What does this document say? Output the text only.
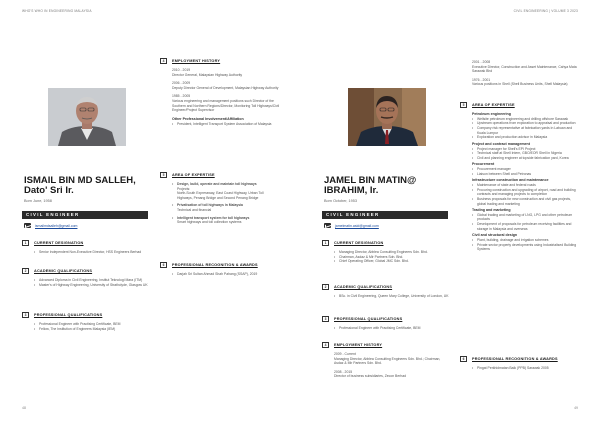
WHO'S WHO IN ENGINEERING MALAYSIA
ISMAIL BIN MD SALLEH,
Dato' Sri Ir.
Born June, 1958
CIVIL ENGINEER
ismailmdsalleh@gmail.com
1	CURRENT DESIGNATION
• Senior Independent Non-Executive Director, HSS Engineers Berhad
2	ACADEMIC QUALIFICATIONS
• Advanced Diploma in Civil Engineering, Institut Teknologi Mara (ITM)
• Master's of Highway Engineering, University of Strathclyde, Glasgow UK
3	PROFESSIONAL QUALIFICATIONS
• Professional Engineer with Practising Certificate, BEM
• Fellow, The Institution of Engineers Malaysia (IEM)
4	EMPLOYMENT HISTORY
2010 - 2019
Director General, Malaysian Highway Authority
2006 - 2009
Deputy Director General of Development, Malaysian Highway Authority
1985 - 2005
Various engineering and management positions such Director of the Southern and Northern Regions/Director, Monitoring Toll Highways/Civil Engineer/Project Supervisor
Other Professional Involvement/Affiliation
• President, Intelligent Transport System Association of Malaysia
5	AREA OF EXPERTISE
• Design, build, operate and maintain toll highways
Projects:
North-South Expressway, East Coast Highway, Urban Toll Highways, Penang Bridge and Second Penang Bridge
• Privatisation of toll highways in Malaysia
Technical and financial
• Intelligent transport system for toll highways
Smart highways and toll collection systems
6	PROFESSIONAL RECOGNITION & AWARDS
• Darjah Sri Sultan Ahmad Shah Pahang (SSAP), 2019
48
CIVIL ENGINEERING | VOLUME 3 2023
JAMEL BIN MATIN@
IBRAHIM, Ir.
Born October, 1953
CIVIL ENGINEER
jamelmatin.asid@gmail.com
1	CURRENT DESIGNATION
• Managing Director, Abblea Consulting Engineers Sdn. Bhd.
• Chairman, Asdaz & Mir Partners Sdn. Bhd.
• Chief Operating Officer, Global JMC Sdn. Bhd.
2	ACADEMIC QUALIFICATIONS
• BSc. in Civil Engineering, Queen Mary College, University of London, UK
3	PROFESSIONAL QUALIFICATIONS
• Professional Engineer with Practising Certificate, BEM
4	EMPLOYMENT HISTORY
2009 - Current
Managing Director, Abblea Consulting Engineers Sdn. Bhd.; Chairman, Asdaz & Mir Partners Sdn. Bhd.
2008 - 2015
Director of business subsidiaries, Zecon Berhad
2001 - 2008
Executive Director, Construction and Asset Maintenance, Cahya Mata Sarawak Bhd
1976 - 2001
Various positions in Shell (Shell Business Units, Shell Malaysia)
5	AREA OF EXPERTISE
Petroleum engineering
• Wellsite petroleum engineering and drilling offshore Sarawak
• Upstream operations from exploration to appraisal and production
• Company risk representative at fabrication yards in Labuan and Kuala Lumpur
• Exploration and production advisor in Malaysia
Project and contract management
• Project manager for Shell's EPI Project
• Technical staff at Shell Intern, GBO/EOR Shell in Nigeria
• Civil and planning engineer at topside fabrication yard, Korea
Procurement
• Procurement manager
• Liaison between Shell and Petronas
Infrastructure construction and maintenance
• Maintenance of state and federal roads
• Procuring construction and upgrading of airport, road and building contracts and managing projects to completion
• Business proposals for new construction and civil gas projects, global trading and marketing
Trading and marketing
• Global trading and marketing of LNG, LPG and other petroleum products
• Development of proposals for petroleum receiving facilities and storage in Malaysia and overseas
Civil and structural design
• Plant, building, drainage and irrigation schemes
• Private sector property developments using Industrialised Building Systems
6	PROFESSIONAL RECOGNITION & AWARDS
• Pingat Perkhidmatan Baik (PPB) Sarawak 2005
49
